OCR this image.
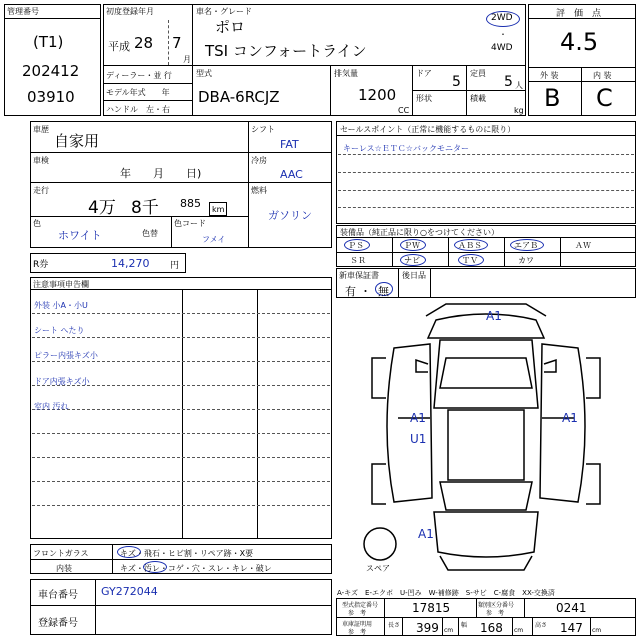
管理番号
(T1)
202412
03910
初度登録年月
平成 28 7
月
車名・グレード
ポロ
TSI コンフォートライン
2WD
・
4WD
ディーラー・並 行
モデル年式　　年
ハンドル　左・右
型式
DBA-6RCJZ
排気量
1200
CC
ドア
5
定員
5 人
形状	積載
kg
評　価　点
4.5
外 装	内 装
B C
車歴
自家用
車検
年　　月　　日)
走行
4万 8千 885 km
色
ホワイト	色替
色コード
フメイ
シフト
FAT
冷房
AAC
燃料
ガソリン
R券	14,270 円
セールスポイント（正常に機能するものに限り）
キーレス☆ＥＴＣ☆バックモニター
装備品（純正品に限り○をつけてください）
ＰＳ	ＰＷ	ＡＢＳ	エアＢ	ＡＷ
ＳＲ	ナビ	ＴＶ	カワ
新車保証書
有 ・ 無
後日品
注意事項申告欄
外装 小A・小U
シート へたり
ピラー内張キズ小
ドア内張キズ小
室内 汚れ
A1
A1
U1
A1
A1
スペア
フロントガラス	キズ・飛石・ヒビ割・リペア跡・X要
内装	キズ・汚レ・コゲ・穴・スレ・キレ・破レ
車台番号 GY272044
登録番号
A-キズ　E-エクボ　U-凹み　W-補修跡　S-サビ　C-腐食　XX-交換済
型式指定番号
参　考	17815	類別区分番号
参　考	0241
車庫証明用
参　考
長さ 399 cm
幅 168 cm
高さ 147 cm
